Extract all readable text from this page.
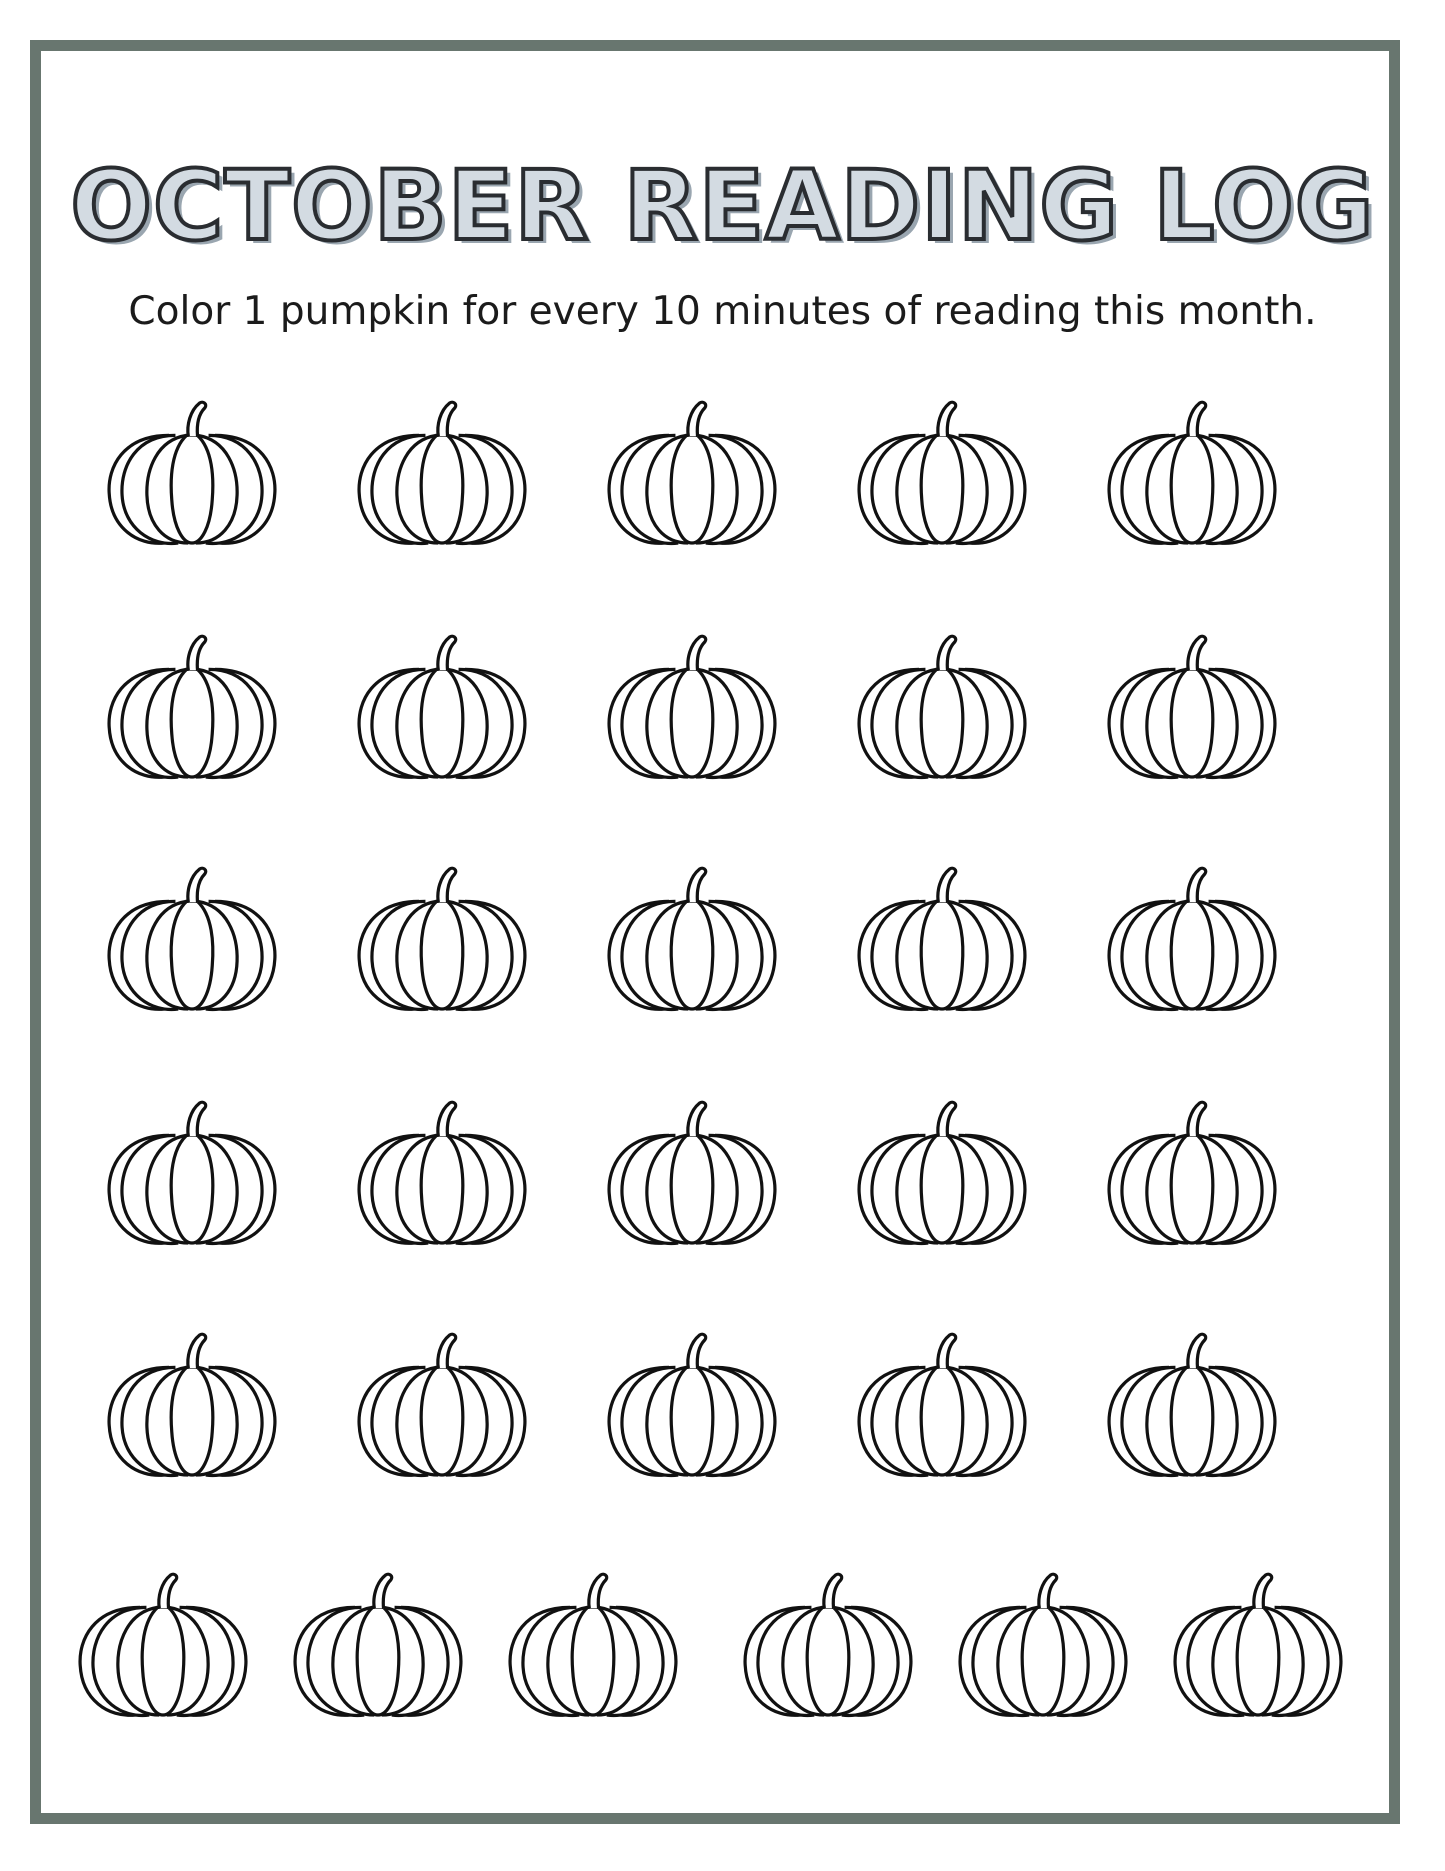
OCTOBER READING LOG

Color 1 pumpkin for every 10 minutes of reading this month.
